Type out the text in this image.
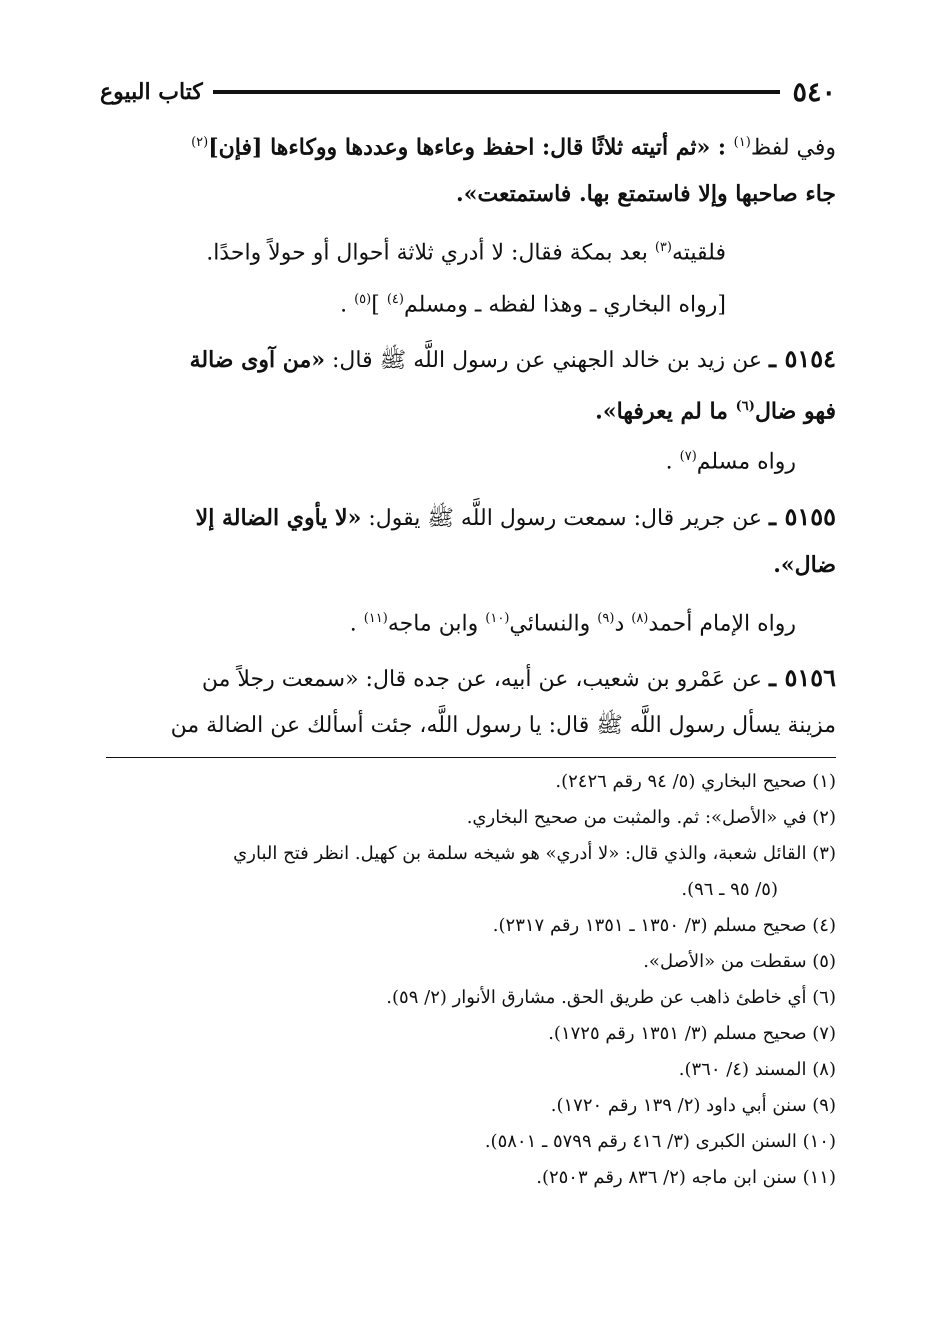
٥٤٠
كتاب البيوع
وفي لفظ$^{(١)}$ : «ثم أتيته ثلاثًا قال: احفظ وعاءها وعددها ووكاءها [فإن]$^{(٢)}$
جاء صاحبها وإلا فاستمتع بها. فاستمتعت».
فلقيته$^{(٣)}$ بعد بمكة فقال: لا أدري ثلاثة أحوال أو حولاً واحدًا.
[رواه البخاري ـ وهذا لفظه ـ ومسلم$^{(٤)}$ ]$^{(٥)}$ .
٥١٥٤ ـ عن زيد بن خالد الجهني عن رسول اللَّه ﷺ قال: «من آوى ضالة
فهو ضال$^{(٦)}$ ما لم يعرفها».
رواه مسلم$^{(٧)}$ .
٥١٥٥ ـ عن جرير قال: سمعت رسول اللَّه ﷺ يقول: «لا يأوي الضالة إلا
ضال».
رواه الإمام أحمد$^{(٨)}$ د$^{(٩)}$ والنسائي$^{(١٠)}$ وابن ماجه$^{(١١)}$ .
٥١٥٦ ـ عن عَمْرو بن شعيب، عن أبيه، عن جده قال: «سمعت رجلاً من
مزينة يسأل رسول اللَّه ﷺ قال: يا رسول اللَّه، جئت أسألك عن الضالة من
(١) صحيح البخاري (٥/ ٩٤ رقم ٢٤٢٦).
(٢) في «الأصل»: ثم. والمثبت من صحيح البخاري.
(٣) القائل شعبة، والذي قال: «لا أدري» هو شيخه سلمة بن كهيل. انظر فتح الباري
(٥/ ٩٥ ـ ٩٦).
(٤) صحيح مسلم (٣/ ١٣٥٠ ـ ١٣٥١ رقم ٢٣١٧).
(٥) سقطت من «الأصل».
(٦) أي خاطئ ذاهب عن طريق الحق. مشارق الأنوار (٢/ ٥٩).
(٧) صحيح مسلم (٣/ ١٣٥١ رقم ١٧٢٥).
(٨) المسند (٤/ ٣٦٠).
(٩) سنن أبي داود (٢/ ١٣٩ رقم ١٧٢٠).
(١٠) السنن الكبرى (٣/ ٤١٦ رقم ٥٧٩٩ ـ ٥٨٠١).
(١١) سنن ابن ماجه (٢/ ٨٣٦ رقم ٢٥٠٣).
